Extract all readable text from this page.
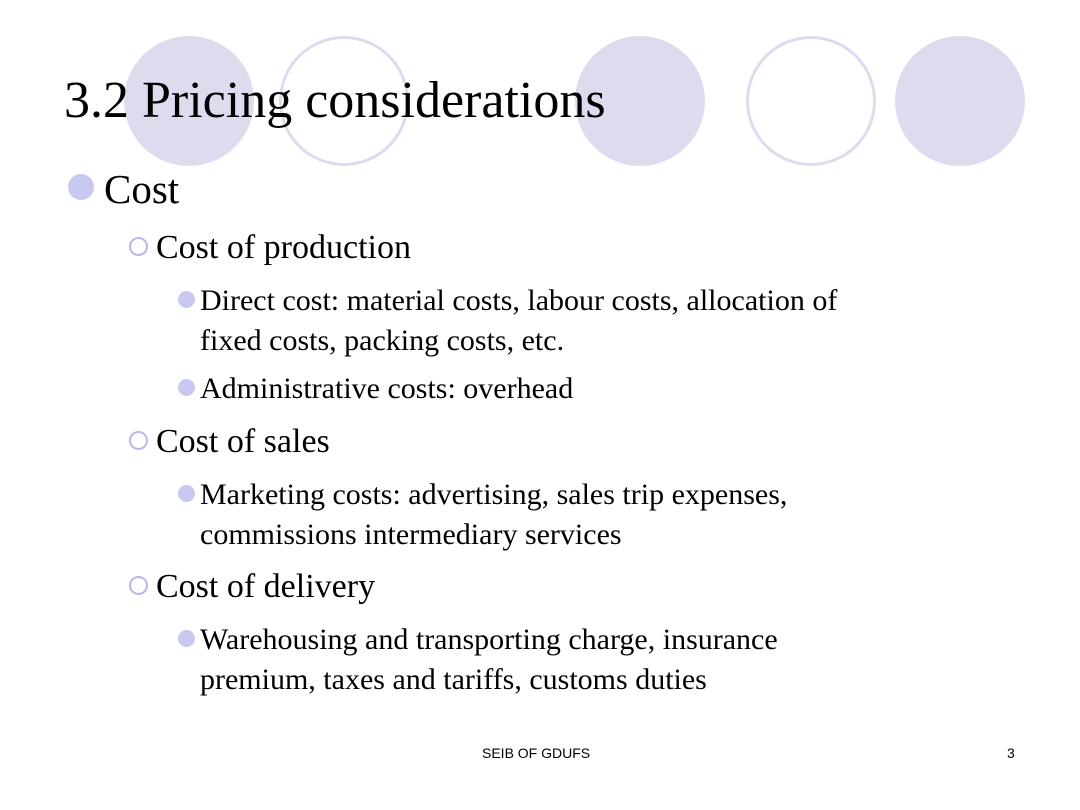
3.2 Pricing considerations
Cost
Cost of production
Direct cost: material costs, labour costs, allocation of
fixed costs, packing costs, etc.
Administrative costs: overhead
Cost of sales
Marketing costs: advertising, sales trip expenses,
commissions intermediary services
Cost of delivery
Warehousing and transporting charge, insurance
premium, taxes and tariffs, customs duties
SEIB OF GDUFS	3
